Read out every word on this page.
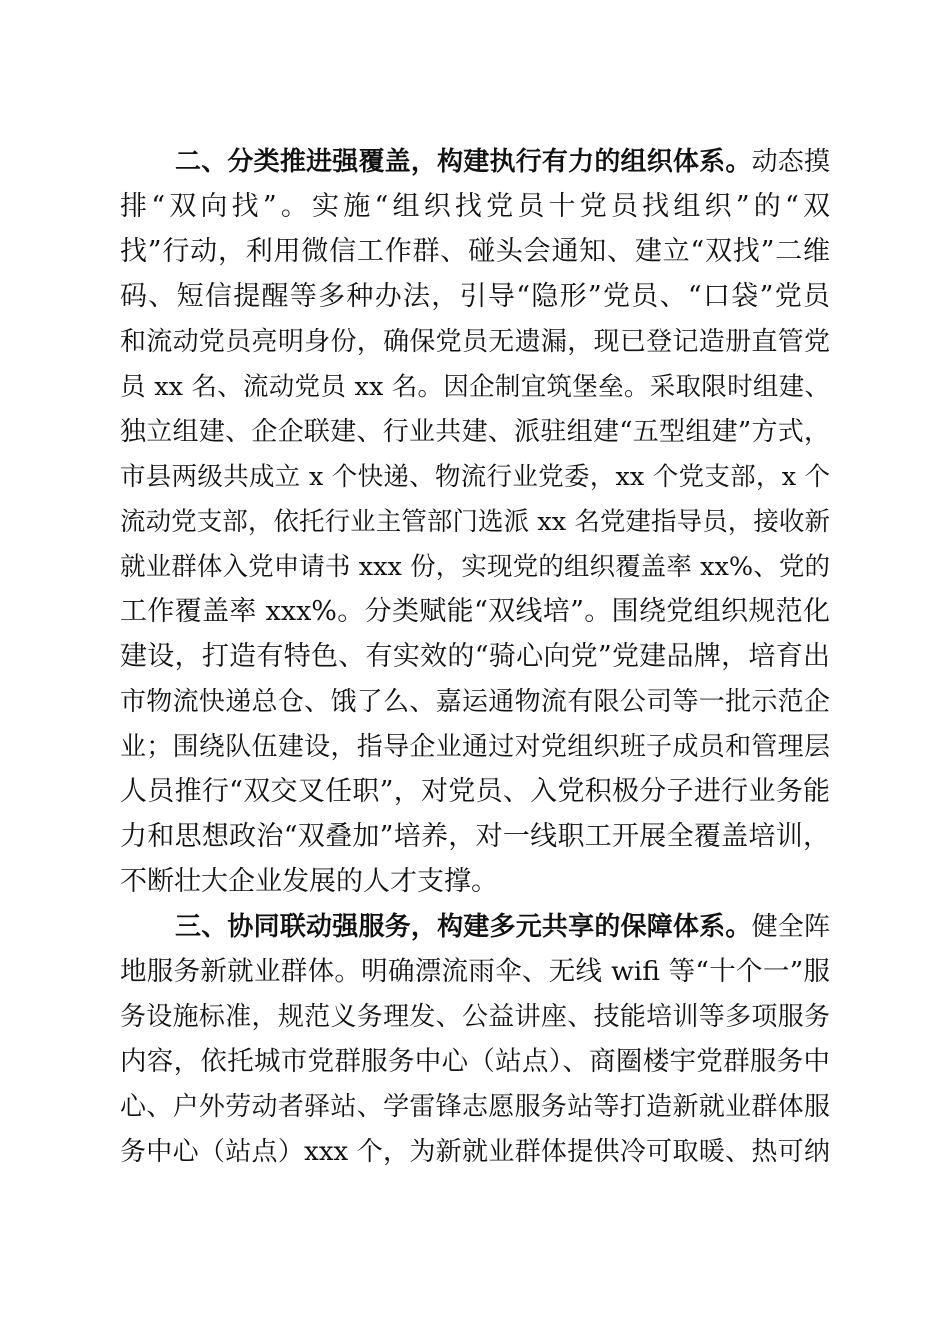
二、分类推进强覆盖，构建执行有力的组织体系。动态摸
排“双向找”。实施“组织找党员十党员找组织”的“双
找”行动，利用微信工作群、碰头会通知、建立“双找”二维
码、短信提醒等多种办法，引导“隐形”党员、“口袋”党员
和流动党员亮明身份，确保党员无遗漏，现已登记造册直管党
员 xx 名、流动党员 xx 名。因企制宜筑堡垒。采取限时组建、
独立组建、企企联建、行业共建、派驻组建“五型组建”方式，
市县两级共成立 x 个快递、物流行业党委，xx 个党支部，x 个
流动党支部，依托行业主管部门选派 xx 名党建指导员，接收新
就业群体入党申请书 xxx 份，实现党的组织覆盖率 xx%、党的
工作覆盖率 xxx%。分类赋能“双线培”。围绕党组织规范化
建设，打造有特色、有实效的“骑心向党”党建品牌，培育出
市物流快递总仓、饿了么、嘉运通物流有限公司等一批示范企
业；围绕队伍建设，指导企业通过对党组织班子成员和管理层
人员推行“双交叉任职”，对党员、入党积极分子进行业务能
力和思想政治“双叠加”培养，对一线职工开展全覆盖培训，
不断壮大企业发展的人才支撑。
三、协同联动强服务，构建多元共享的保障体系。健全阵
地服务新就业群体。明确漂流雨伞、无线 wifi 等“十个一”服
务设施标准，规范义务理发、公益讲座、技能培训等多项服务
内容，依托城市党群服务中心（站点）、商圈楼宇党群服务中
心、户外劳动者驿站、学雷锋志愿服务站等打造新就业群体服
务中心（站点）xxx 个，为新就业群体提供冷可取暖、热可纳
